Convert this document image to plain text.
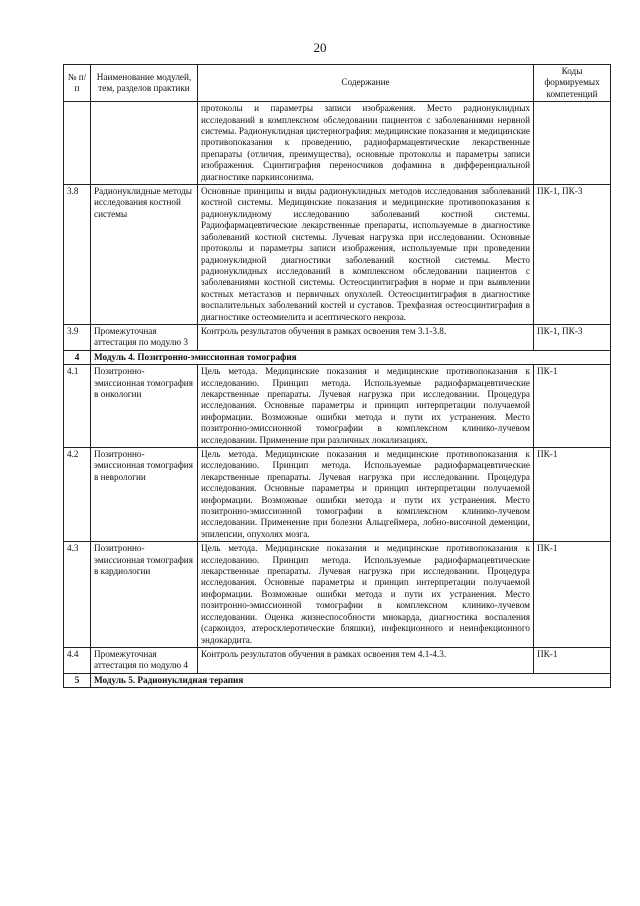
20
№ п/п	Наименование модулей, тем, разделов практики	Содержание	Коды формируемых компетенций
		протоколы и параметры записи изображения. Место радионуклидных исследований в комплексном обследовании пациентов с заболеваниями нервной системы. Радионуклидная цистернография: медицинские показания и медицинские противопоказания к проведению, радиофармацевтические лекарственные препараты (отличия, преимущества), основные протоколы и параметры записи изображения. Сцинтиграфия переносчиков дофамина в дифференциальной диагностике паркинсонизма.	
3.8	Радионуклидные методы исследования костной системы	Основные принципы и виды радионуклидных методов исследования заболеваний костной системы. Медицинские показания и медицинские противопоказания к радионуклидному исследованию заболеваний костной системы. Радиофармацевтические лекарственные препараты, используемые в диагностике заболеваний костной системы. Лучевая нагрузка при исследовании. Основные протоколы и параметры записи изображения, используемые при проведении радионуклидной диагностики заболеваний костной системы. Место радионуклидных исследований в комплексном обследовании пациентов с заболеваниями костной системы. Остеосцинтиграфия в норме и при выявлении костных метастазов и первичных опухолей. Остеосцинтиграфия в диагностике воспалительных заболеваний костей и суставов. Трехфазная остеосцинтиграфия в диагностике остеомиелита и асептического некроза.	ПК-1, ПК-3
3.9	Промежуточная аттестация по модулю 3	Контроль результатов обучения в рамках освоения тем 3.1-3.8.	ПК-1, ПК-3
4	Модуль 4. Позитронно-эмиссионная томография		
4.1	Позитронно-эмиссионная томография в онкологии	Цель метода. Медицинские показания и медицинские противопоказания к исследованию. Принцип метода. Используемые радиофармацевтические лекарственные препараты. Лучевая нагрузка при исследовании. Процедура исследования. Основные параметры и принцип интерпретации получаемой информации. Возможные ошибки метода и пути их устранения. Место позитронно-эмиссионной томографии в комплексном клинико-лучевом исследовании. Применение при различных локализациях.	ПК-1
4.2	Позитронно-эмиссионная томография в неврологии	Цель метода. Медицинские показания и медицинские противопоказания к исследованию. Принцип метода. Используемые радиофармацевтические лекарственные препараты. Лучевая нагрузка при исследовании. Процедура исследования. Основные параметры и принцип интерпретации получаемой информации. Возможные ошибки метода и пути их устранения. Место позитронно-эмиссионной томографии в комплексном клинико-лучевом исследовании. Применение при болезни Альцгеймера, лобно-височной деменции, эпилепсии, опухолях мозга.	ПК-1
4.3	Позитронно-эмиссионная томография в кардиологии	Цель метода. Медицинские показания и медицинские противопоказания к исследованию. Принцип метода. Используемые радиофармацевтические лекарственные препараты. Лучевая нагрузка при исследовании. Процедура исследования. Основные параметры и принцип интерпретации получаемой информации. Возможные ошибки метода и пути их устранения. Место позитронно-эмиссионной томографии в комплексном клинико-лучевом исследовании. Оценка жизнеспособности миокарда, диагностика воспаления (саркоидоз, атеросклеротические бляшки), инфекционного и неинфекционного эндокардита.	ПК-1
4.4	Промежуточная аттестация по модулю 4	Контроль результатов обучения в рамках освоения тем 4.1-4.3.	ПК-1
5	Модуль 5. Радионуклидная терапия		
